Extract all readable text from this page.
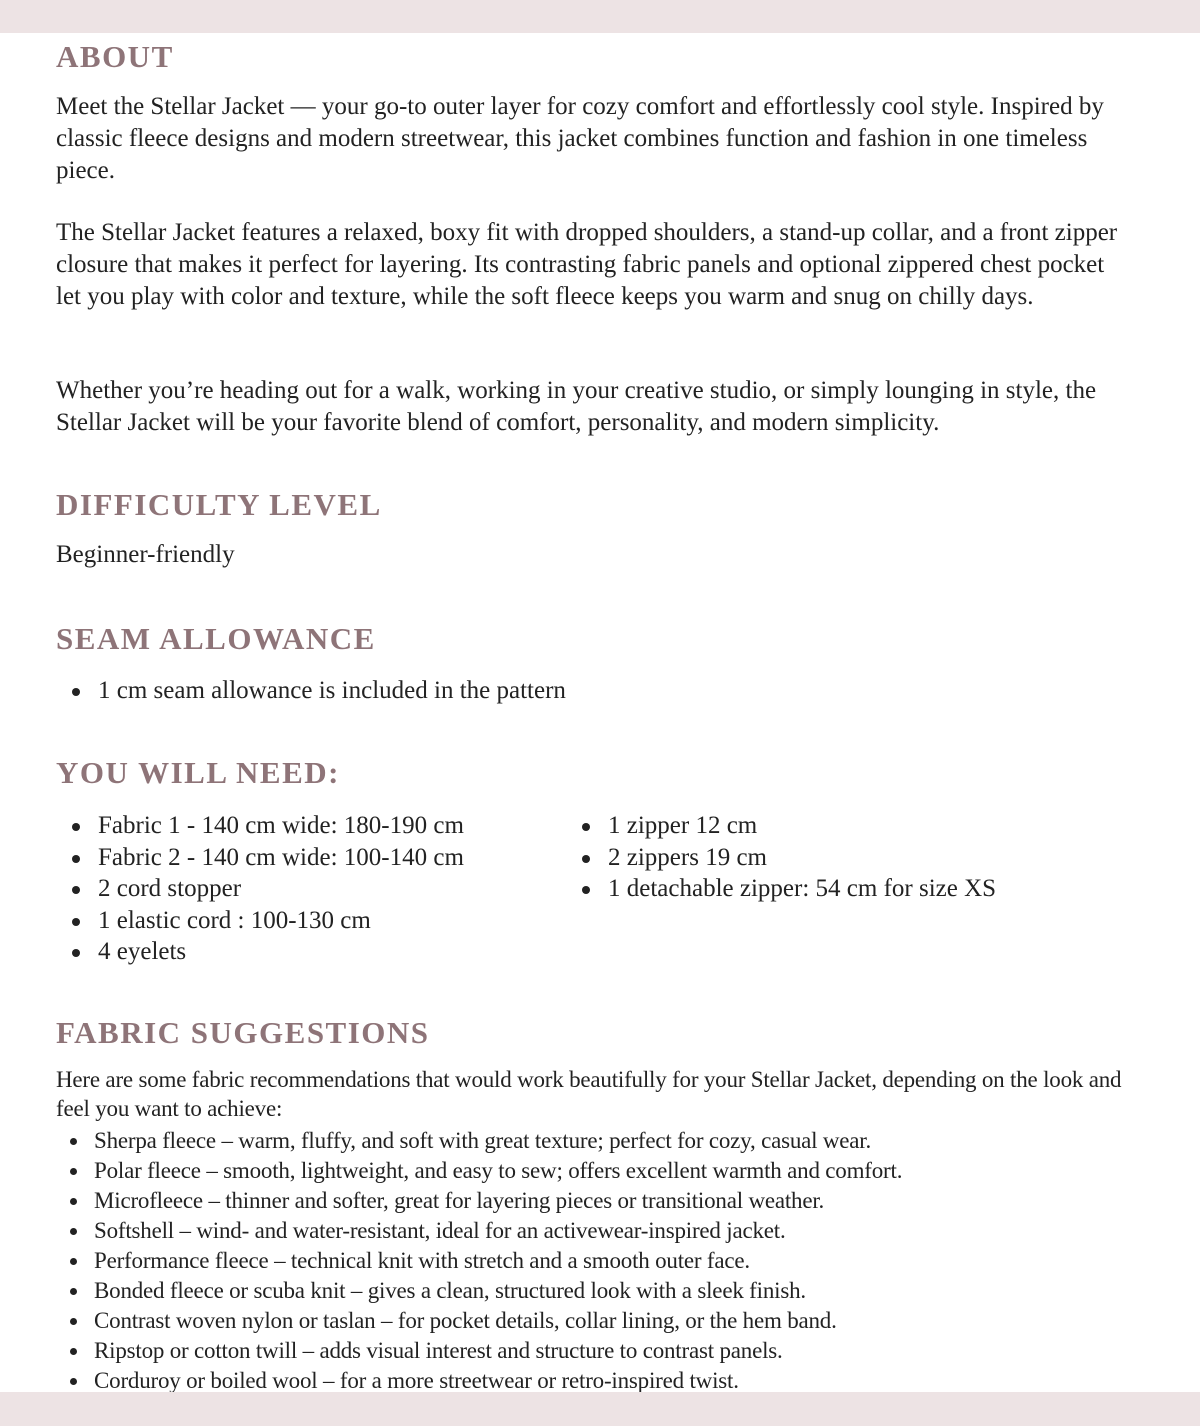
ABOUT

Meet the Stellar Jacket — your go-to outer layer for cozy comfort and effortlessly cool style. Inspired by classic fleece designs and modern streetwear, this jacket combines function and fashion in one timeless piece.

The Stellar Jacket features a relaxed, boxy fit with dropped shoulders, a stand-up collar, and a front zipper closure that makes it perfect for layering. Its contrasting fabric panels and optional zippered chest pocket let you play with color and texture, while the soft fleece keeps you warm and snug on chilly days.

Whether you’re heading out for a walk, working in your creative studio, or simply lounging in style, the Stellar Jacket will be your favorite blend of comfort, personality, and modern simplicity.

DIFFICULTY LEVEL

Beginner-friendly

SEAM ALLOWANCE
1 cm seam allowance is included in the pattern
YOU WILL NEED:
Fabric 1 - 140 cm wide: 180-190 cm
Fabric 2 - 140 cm wide: 100-140 cm
2 cord stopper
1 elastic cord : 100-130 cm
4 eyelets
1 zipper 12 cm
2 zippers 19 cm
1 detachable zipper: 54 cm for size XS
FABRIC SUGGESTIONS

Here are some fabric recommendations that would work beautifully for your Stellar Jacket, depending on the look and feel you want to achieve:

Sherpa fleece – warm, fluffy, and soft with great texture; perfect for cozy, casual wear.
Polar fleece – smooth, lightweight, and easy to sew; offers excellent warmth and comfort.
Microfleece – thinner and softer, great for layering pieces or transitional weather.
Softshell – wind- and water-resistant, ideal for an activewear-inspired jacket.
Performance fleece – technical knit with stretch and a smooth outer face.
Bonded fleece or scuba knit – gives a clean, structured look with a sleek finish.
Contrast woven nylon or taslan – for pocket details, collar lining, or the hem band.
Ripstop or cotton twill – adds visual interest and structure to contrast panels.
Corduroy or boiled wool – for a more streetwear or retro-inspired twist.
